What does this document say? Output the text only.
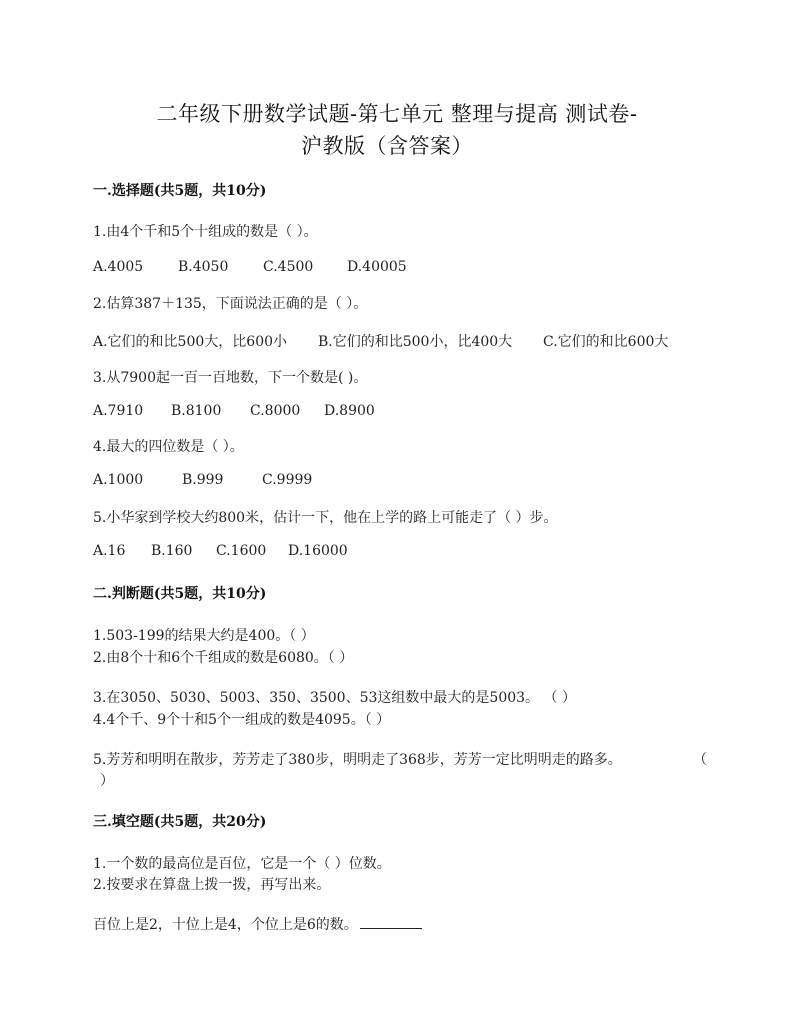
二年级下册数学试题-第七单元 整理与提高 测试卷-
沪教版（含答案）
一.选择题(共5题，共10分)
1.由4个千和5个十组成的数是（ ）。
A.4005 B.4050 C.4500 D.40005
2.估算387＋135，下面说法正确的是（ ）。
A.它们的和比500大，比600小 B.它们的和比500小，比400大 C.它们的和比600大
3.从7900起一百一百地数，下一个数是( )。
A.7910 B.8100 C.8000 D.8900
4.最大的四位数是（ ）。
A.1000	B.999	C.9999
5.小华家到学校大约800米，估计一下，他在上学的路上可能走了（ ）步。
A.16 B.160 C.1600 D.16000
二.判断题(共5题，共10分)
1.503-199的结果大约是400。（ ）
2.由8个十和6个千组成的数是6080。（ ）
3.在3050、5030、5003、350、3500、53这组数中最大的是5003。 （ ）
4.4个千、9个十和5个一组成的数是4095。（ ）
5.芳芳和明明在散步，芳芳走了380步，明明走了368步，芳芳一定比明明走的路多。	（
）
三.填空题(共5题，共20分)
1.一个数的最高位是百位，它是一个（ ）位数。
2.按要求在算盘上拨一拨，再写出来。
百位上是2，十位上是4，个位上是6的数。
